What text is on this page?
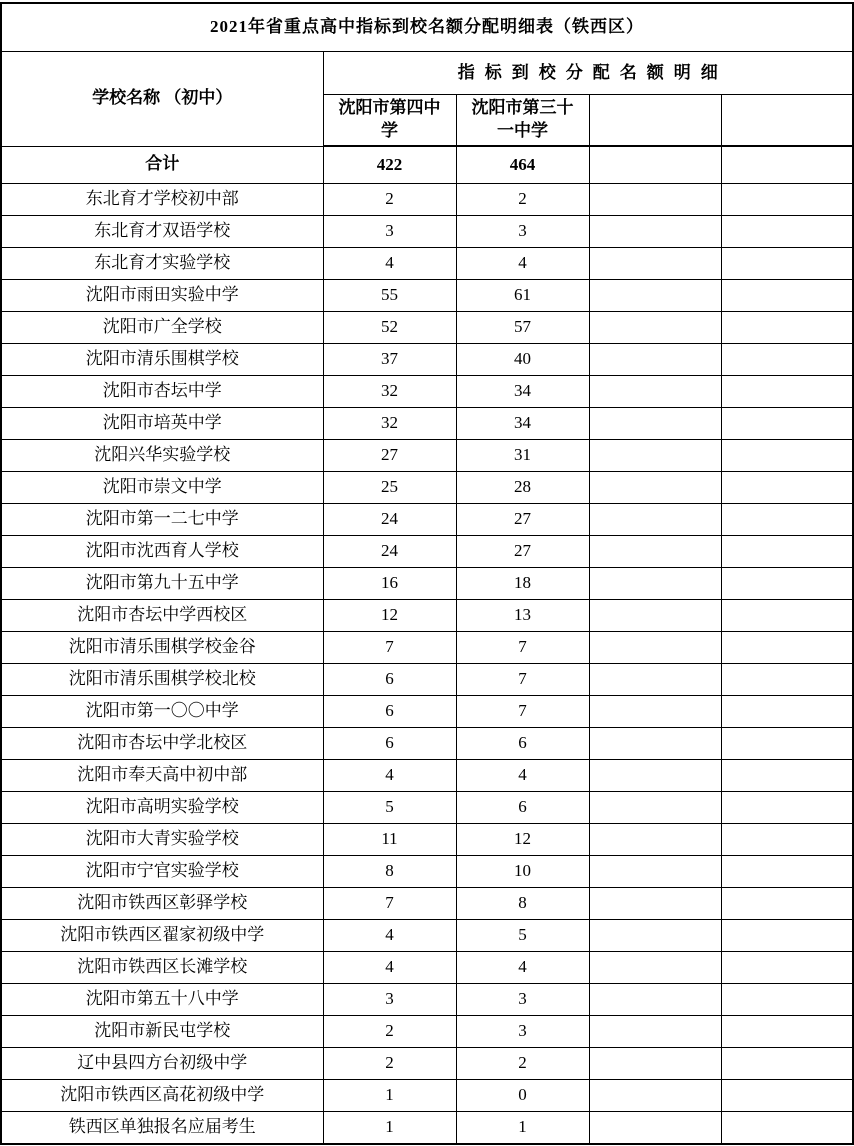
2021年省重点高中指标到校名额分配明细表（铁西区）				
学校名称 （初中）	指标到校分配名额明细			
	沈阳市第四中学	沈阳市第三十一中学		
合计	422	464		
东北育才学校初中部	2	2		
东北育才双语学校	3	3		
东北育才实验学校	4	4		
沈阳市雨田实验中学	55	61		
沈阳市广全学校	52	57		
沈阳市清乐围棋学校	37	40		
沈阳市杏坛中学	32	34		
沈阳市培英中学	32	34		
沈阳兴华实验学校	27	31		
沈阳市崇文中学	25	28		
沈阳市第一二七中学	24	27		
沈阳市沈西育人学校	24	27		
沈阳市第九十五中学	16	18		
沈阳市杏坛中学西校区	12	13		
沈阳市清乐围棋学校金谷	7	7		
沈阳市清乐围棋学校北校	6	7		
沈阳市第一〇〇中学	6	7		
沈阳市杏坛中学北校区	6	6		
沈阳市奉天高中初中部	4	4		
沈阳市高明实验学校	5	6		
沈阳市大青实验学校	11	12		
沈阳市宁官实验学校	8	10		
沈阳市铁西区彰驿学校	7	8		
沈阳市铁西区翟家初级中学	4	5		
沈阳市铁西区长滩学校	4	4		
沈阳市第五十八中学	3	3		
沈阳市新民屯学校	2	3		
辽中县四方台初级中学	2	2		
沈阳市铁西区高花初级中学	1	0		
铁西区单独报名应届考生	1	1		
